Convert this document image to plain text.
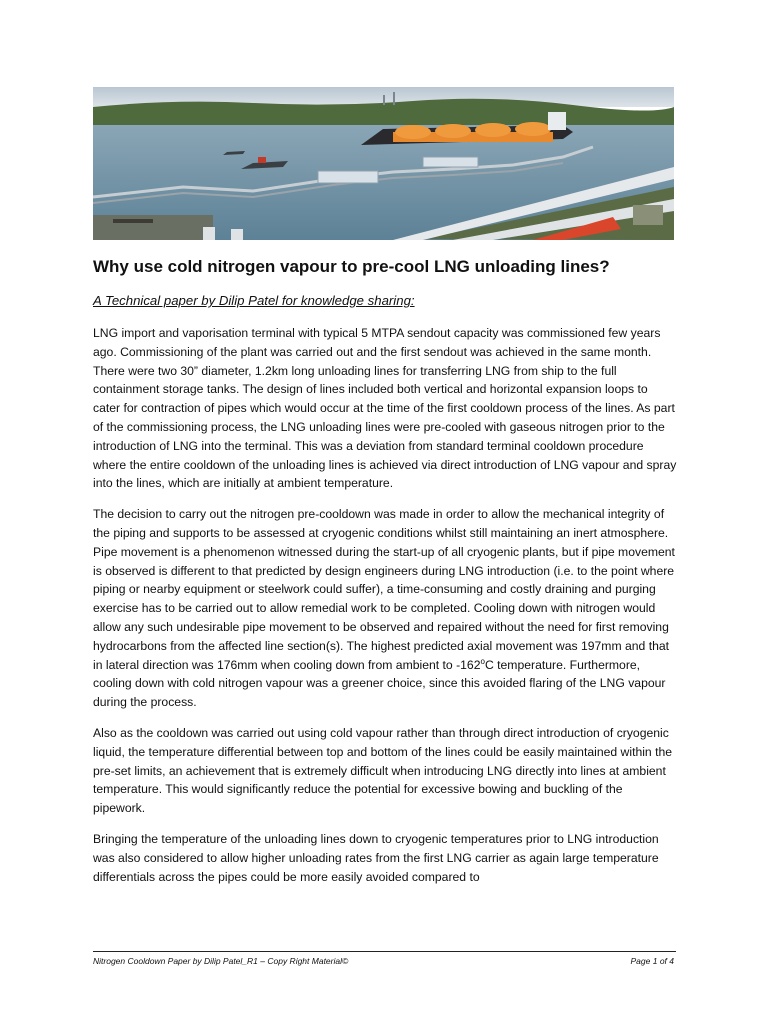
Why use cold nitrogen vapour to pre-cool LNG unloading lines?
A Technical paper by Dilip Patel for knowledge sharing:

LNG import and vaporisation terminal with typical 5 MTPA sendout capacity was commissioned few years ago. Commissioning of the plant was carried out and the first sendout was achieved in the same month. There were two 30” diameter, 1.2km long unloading lines for transferring LNG from ship to the full containment storage tanks. The design of lines included both vertical and horizontal expansion loops to cater for contraction of pipes which would occur at the time of the first cooldown process of the lines. As part of the commissioning process, the LNG unloading lines were pre-cooled with gaseous nitrogen prior to the introduction of LNG into the terminal. This was a deviation from standard terminal cooldown procedure where the entire cooldown of the unloading lines is achieved via direct introduction of LNG vapour and spray into the lines, which are initially at ambient temperature.

The decision to carry out the nitrogen pre-cooldown was made in order to allow the mechanical integrity of the piping and supports to be assessed at cryogenic conditions whilst still maintaining an inert atmosphere. Pipe movement is a phenomenon witnessed during the start-up of all cryogenic plants, but if pipe movement is observed is different to that predicted by design engineers during LNG introduction (i.e. to the point where piping or nearby equipment or steelwork could suffer), a time-consuming and costly draining and purging exercise has to be carried out to allow remedial work to be completed. Cooling down with nitrogen would allow any such undesirable pipe movement to be observed and repaired without the need for first removing hydrocarbons from the affected line section(s). The highest predicted axial movement was 197mm and that in lateral direction was 176mm when cooling down from ambient to -162$^o$C temperature. Furthermore, cooling down with cold nitrogen vapour was a greener choice, since this avoided flaring of the LNG vapour during the process.

Also as the cooldown was carried out using cold vapour rather than through direct introduction of cryogenic liquid, the temperature differential between top and bottom of the lines could be easily maintained within the pre-set limits, an achievement that is extremely difficult when introducing LNG directly into lines at ambient temperature. This would significantly reduce the potential for excessive bowing and buckling of the pipework.

Bringing the temperature of the unloading lines down to cryogenic temperatures prior to LNG introduction was also considered to allow higher unloading rates from the first LNG carrier as again large temperature differentials across the pipes could be more easily avoided compared to

Nitrogen Cooldown Paper by Dilip Patel_R1 – Copy Right Material©	Page 1 of 4
